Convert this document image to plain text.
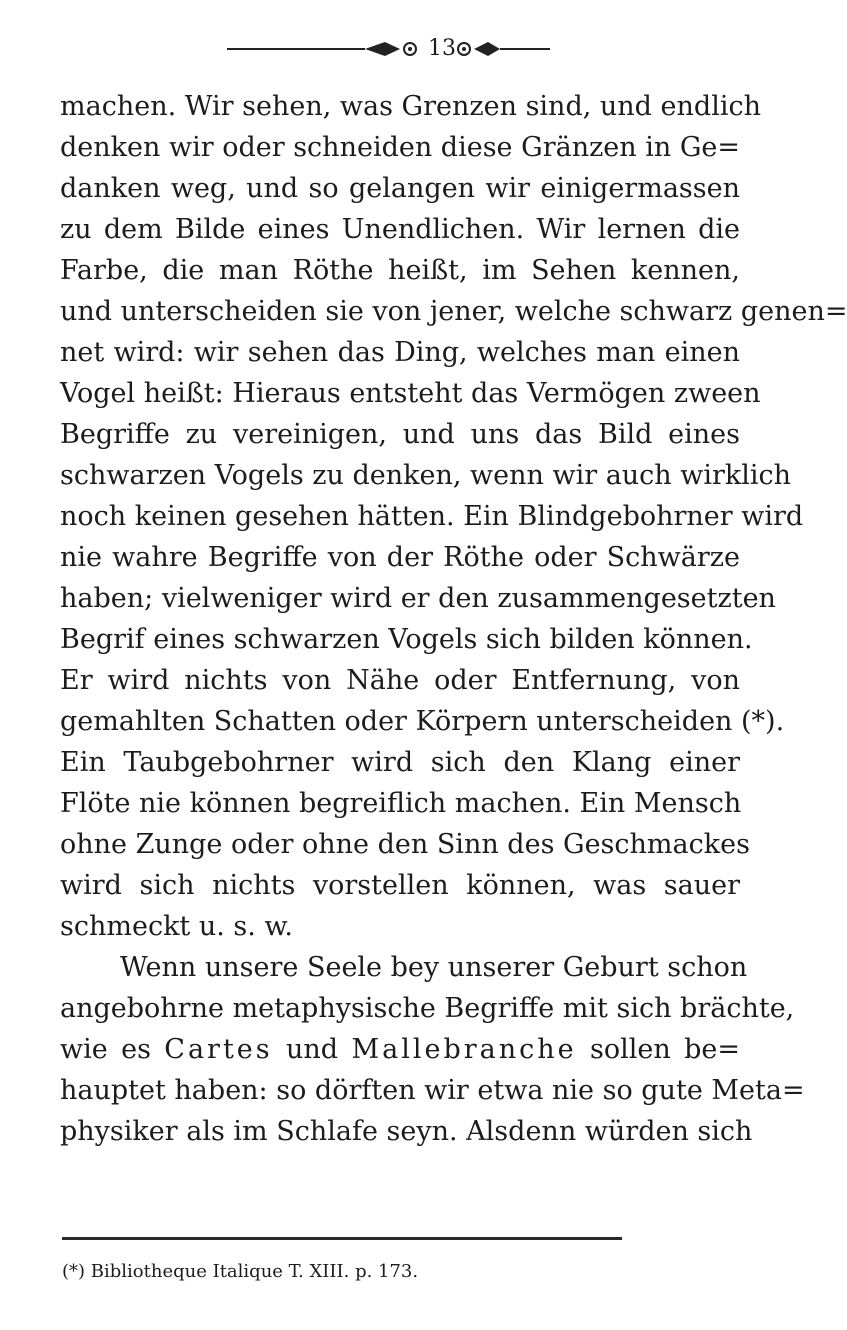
13
machen. Wir sehen, was Grenzen sind, und endlich
denken wir oder schneiden diese Gränzen in Ge=
danken weg, und so gelangen wir einigermassen
zu dem Bilde eines Unendlichen. Wir lernen die
Farbe, die man Röthe heißt, im Sehen kennen,
und unterscheiden sie von jener, welche schwarz genen=
net wird: wir sehen das Ding, welches man einen
Vogel heißt: Hieraus entsteht das Vermögen zween
Begriffe zu vereinigen, und uns das Bild eines
schwarzen Vogels zu denken, wenn wir auch wirklich
noch keinen gesehen hätten. Ein Blindgebohrner wird
nie wahre Begriffe von der Röthe oder Schwärze
haben; vielweniger wird er den zusammengesetzten
Begrif eines schwarzen Vogels sich bilden können.
Er wird nichts von Nähe oder Entfernung, von
gemahlten Schatten oder Körpern unterscheiden (*).
Ein Taubgebohrner wird sich den Klang einer
Flöte nie können begreiflich machen. Ein Mensch
ohne Zunge oder ohne den Sinn des Geschmackes
wird sich nichts vorstellen können, was sauer
schmeckt u. s. w.
Wenn unsere Seele bey unserer Geburt schon
angebohrne metaphysische Begriffe mit sich brächte,
wie es Cartes und Mallebranche sollen be=
hauptet haben: so dörften wir etwa nie so gute Meta=
physiker als im Schlafe seyn. Alsdenn würden sich
(*) Bibliotheque Italique T. XIII. p. 173.
